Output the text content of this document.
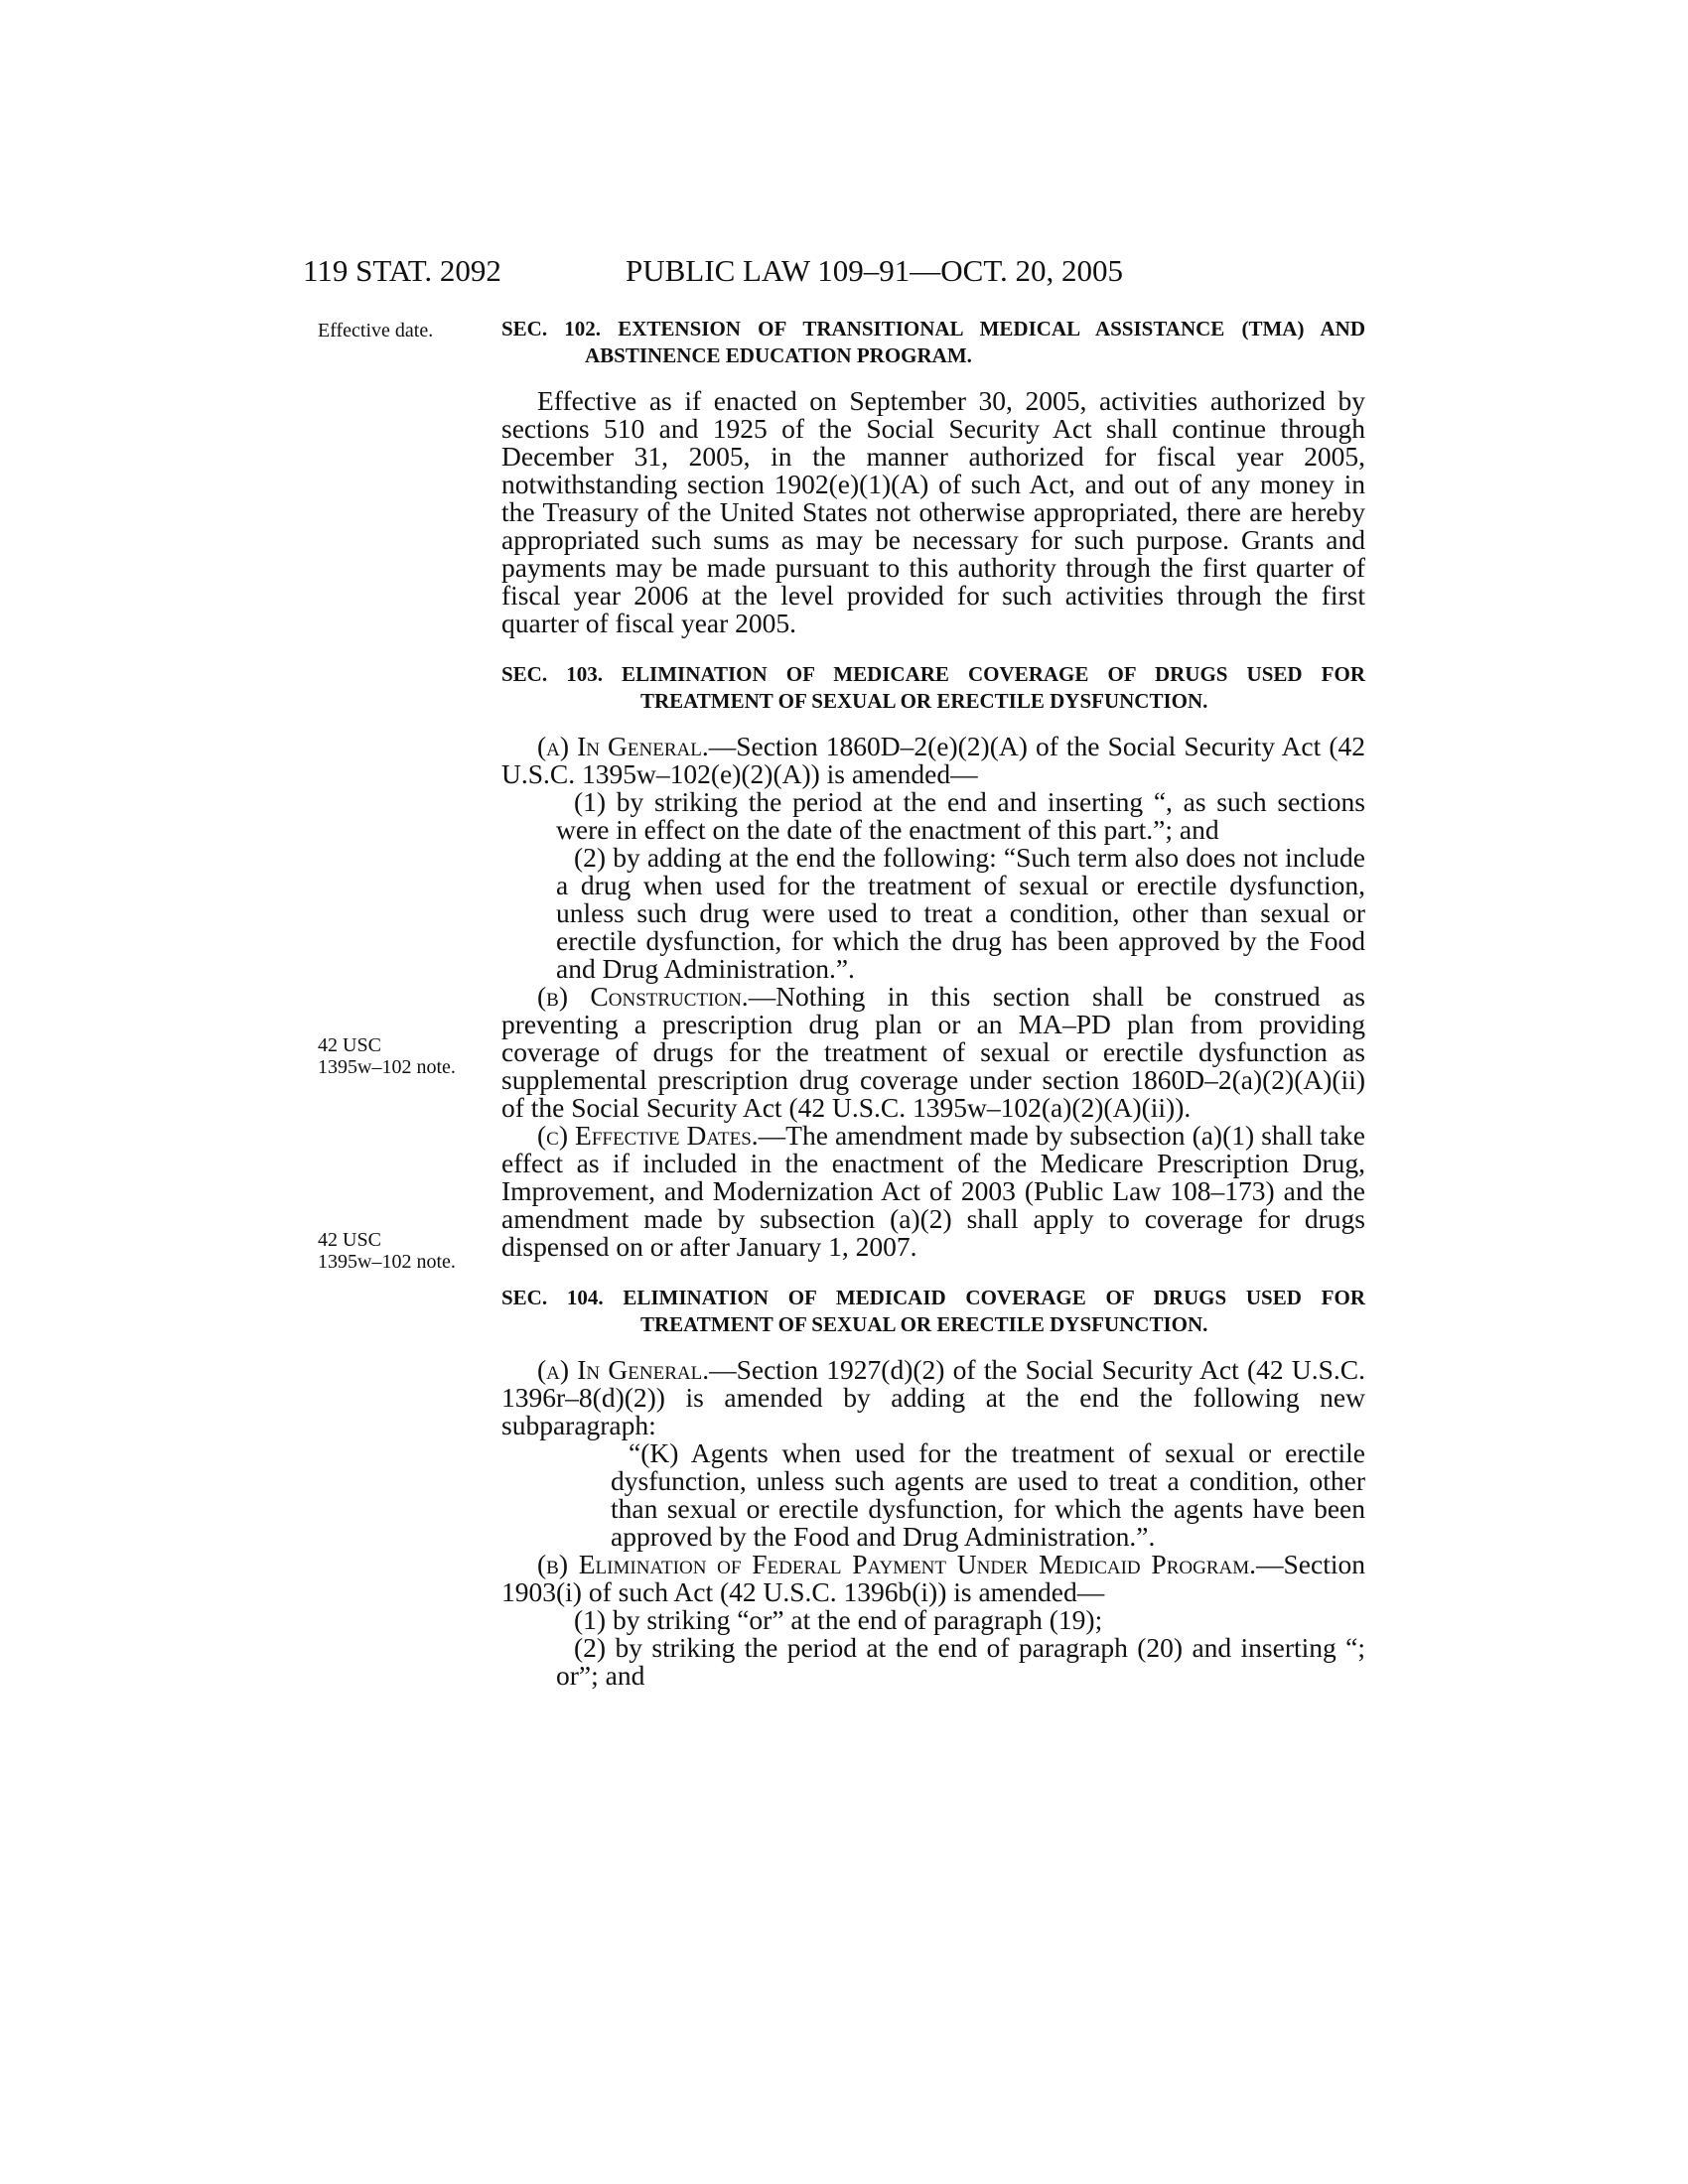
119 STAT. 2092	PUBLIC LAW 109–91—OCT. 20, 2005
Effective date.
42 USC
1395w–102 note.
42 USC
1395w–102 note.
SEC. 102. EXTENSION OF TRANSITIONAL MEDICAL ASSISTANCE (TMA) AND ABSTINENCE EDUCATION PROGRAM.

Effective as if enacted on September 30, 2005, activities authorized by sections 510 and 1925 of the Social Security Act shall continue through December 31, 2005, in the manner authorized for fiscal year 2005, notwithstanding section 1902(e)(1)(A) of such Act, and out of any money in the Treasury of the United States not otherwise appropriated, there are hereby appropriated such sums as may be necessary for such purpose. Grants and payments may be made pursuant to this authority through the first quarter of fiscal year 2006 at the level provided for such activities through the first quarter of fiscal year 2005.

SEC. 103. ELIMINATION OF MEDICARE COVERAGE OF DRUGS USED FOR TREATMENT OF SEXUAL OR ERECTILE DYSFUNCTION.

(a) In General.—Section 1860D–2(e)(2)(A) of the Social Security Act (42 U.S.C. 1395w–102(e)(2)(A)) is amended—

(1) by striking the period at the end and inserting “, as such sections were in effect on the date of the enactment of this part.”; and

(2) by adding at the end the following: “Such term also does not include a drug when used for the treatment of sexual or erectile dysfunction, unless such drug were used to treat a condition, other than sexual or erectile dysfunction, for which the drug has been approved by the Food and Drug Administration.”.

(b) Construction.—Nothing in this section shall be construed as preventing a prescription drug plan or an MA–PD plan from providing coverage of drugs for the treatment of sexual or erectile dysfunction as supplemental prescription drug coverage under section 1860D–2(a)(2)(A)(ii) of the Social Security Act (42 U.S.C. 1395w–102(a)(2)(A)(ii)).

(c) Effective Dates.—The amendment made by subsection (a)(1) shall take effect as if included in the enactment of the Medicare Prescription Drug, Improvement, and Modernization Act of 2003 (Public Law 108–173) and the amendment made by subsection (a)(2) shall apply to coverage for drugs dispensed on or after January 1, 2007.

SEC. 104. ELIMINATION OF MEDICAID COVERAGE OF DRUGS USED FOR TREATMENT OF SEXUAL OR ERECTILE DYSFUNCTION.

(a) In General.—Section 1927(d)(2) of the Social Security Act (42 U.S.C. 1396r–8(d)(2)) is amended by adding at the end the following new subparagraph:

“(K) Agents when used for the treatment of sexual or erectile dysfunction, unless such agents are used to treat a condition, other than sexual or erectile dysfunction, for which the agents have been approved by the Food and Drug Administration.”.

(b) Elimination of Federal Payment Under Medicaid Program.—Section 1903(i) of such Act (42 U.S.C. 1396b(i)) is amended—

(1) by striking “or” at the end of paragraph (19);

(2) by striking the period at the end of paragraph (20) and inserting “; or”; and
